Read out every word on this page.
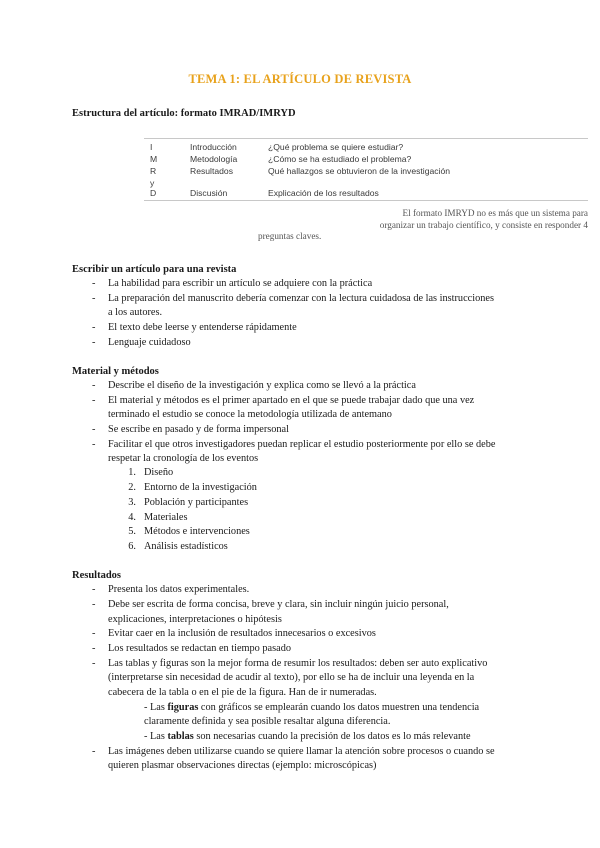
TEMA 1: EL ARTÍCULO DE REVISTA
Estructura del artículo: formato IMRAD/IMRYD
I	Introducción	¿Qué problema se quiere estudiar?
M	Metodología	¿Cómo se ha estudiado el problema?
R	Resultados	Qué hallazgos se obtuvieron de la investigación
y
D	Discusión	Explicación de los resultados
El formato IMRYD no es más que un sistema para
organizar un trabajo científico, y consiste en responder 4
preguntas claves.
Escribir un artículo para una revista
- La habilidad para escribir un artículo se adquiere con la práctica
- La preparación del manuscrito debería comenzar con la lectura cuidadosa de las instrucciones
a los autores.
- El texto debe leerse y entenderse rápidamente
- Lenguaje cuidadoso
Material y métodos
- Describe el diseño de la investigación y explica como se llevó a la práctica
- El material y métodos es el primer apartado en el que se puede trabajar dado que una vez
terminado el estudio se conoce la metodología utilizada de antemano
- Se escribe en pasado y de forma impersonal
- Facilitar el que otros investigadores puedan replicar el estudio posteriormente por ello se debe
respetar la cronología de los eventos
1. Diseño
2. Entorno de la investigación
3. Población y participantes
4. Materiales
5. Métodos e intervenciones
6. Análisis estadísticos
Resultados
- Presenta los datos experimentales.
- Debe ser escrita de forma concisa, breve y clara, sin incluir ningún juicio personal,
explicaciones, interpretaciones o hipótesis
- Evitar caer en la inclusión de resultados innecesarios o excesivos
- Los resultados se redactan en tiempo pasado
- Las tablas y figuras son la mejor forma de resumir los resultados: deben ser auto explicativo
(interpretarse sin necesidad de acudir al texto), por ello se ha de incluir una leyenda en la
cabecera de la tabla o en el pie de la figura. Han de ir numeradas.
- Las figuras con gráficos se emplearán cuando los datos muestren una tendencia
claramente definida y sea posible resaltar alguna diferencia.
- Las tablas son necesarias cuando la precisión de los datos es lo más relevante
- Las imágenes deben utilizarse cuando se quiere llamar la atención sobre procesos o cuando se
quieren plasmar observaciones directas (ejemplo: microscópicas)
